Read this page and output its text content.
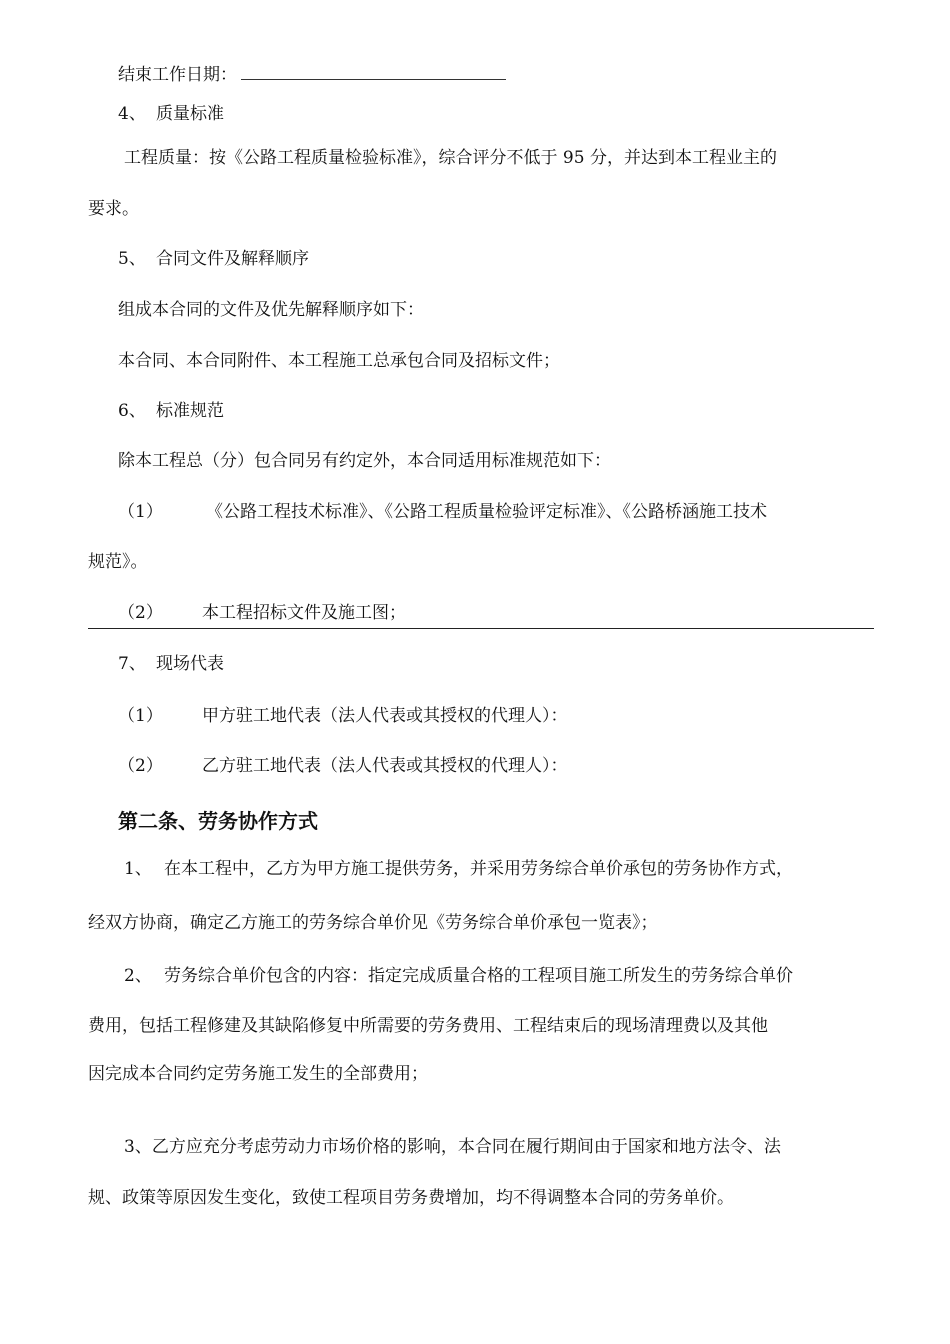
结束工作日期：
4、 质量标准
工程质量：按《公路工程质量检验标准》，综合评分不低于 95 分，并达到本工程业主的
要求。
5、 合同文件及解释顺序
组成本合同的文件及优先解释顺序如下：
本合同、本合同附件、本工程施工总承包合同及招标文件；
6、 标准规范
除本工程总（分）包合同另有约定外，本合同适用标准规范如下：
（1）	《公路工程技术标准》、《公路工程质量检验评定标准》、《公路桥涵施工技术
规范》。
（2） 本工程招标文件及施工图；
7、 现场代表
（1） 甲方驻工地代表（法人代表或其授权的代理人）：
（2） 乙方驻工地代表（法人代表或其授权的代理人）：
第二条、劳务协作方式
1、 在本工程中，乙方为甲方施工提供劳务，并采用劳务综合单价承包的劳务协作方式，
经双方协商，确定乙方施工的劳务综合单价见《劳务综合单价承包一览表》；
2、 劳务综合单价包含的内容：指定完成质量合格的工程项目施工所发生的劳务综合单价
费用，包括工程修建及其缺陷修复中所需要的劳务费用、工程结束后的现场清理费以及其他
因完成本合同约定劳务施工发生的全部费用；
3、乙方应充分考虑劳动力市场价格的影响，本合同在履行期间由于国家和地方法令、法
规、政策等原因发生变化，致使工程项目劳务费增加，均不得调整本合同的劳务单价。
